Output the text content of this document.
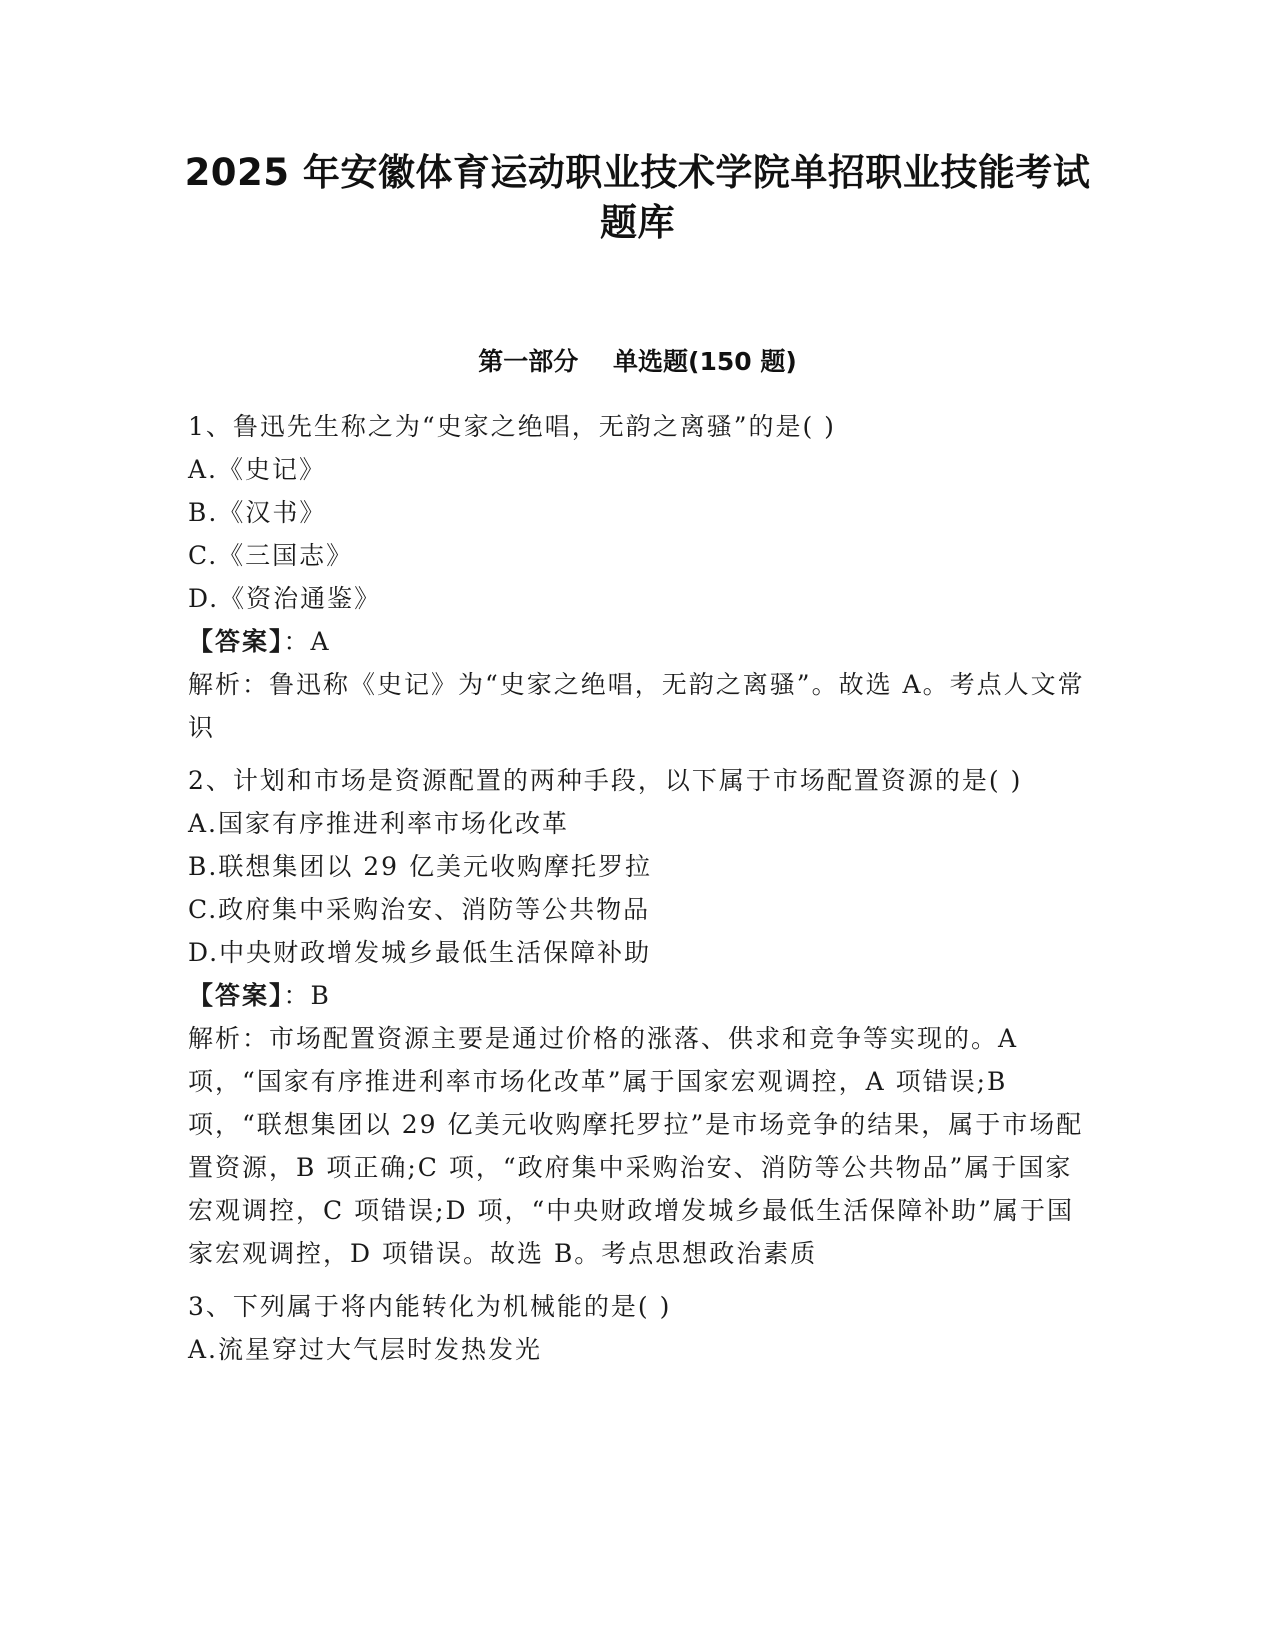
2025 年安徽体育运动职业技术学院单招职业技能考试
题库
第一部分    单选题(150 题)
1、鲁迅先生称之为“史家之绝唱，无韵之离骚”的是( )
A.《史记》
B.《汉书》
C.《三国志》
D.《资治通鉴》
【答案】：A
解析：鲁迅称《史记》为“史家之绝唱，无韵之离骚”。故选 A。考点人文常识
2、计划和市场是资源配置的两种手段，以下属于市场配置资源的是( )
A.国家有序推进利率市场化改革
B.联想集团以 29 亿美元收购摩托罗拉
C.政府集中采购治安、消防等公共物品
D.中央财政增发城乡最低生活保障补助
【答案】：B
解析：市场配置资源主要是通过价格的涨落、供求和竞争等实现的。A 项，“国家有序推进利率市场化改革”属于国家宏观调控，A 项错误;B 项，“联想集团以 29 亿美元收购摩托罗拉”是市场竞争的结果，属于市场配置资源，B 项正确;C 项，“政府集中采购治安、消防等公共物品”属于国家宏观调控，C 项错误;D 项，“中央财政增发城乡最低生活保障补助”属于国家宏观调控，D 项错误。故选 B。考点思想政治素质
3、下列属于将内能转化为机械能的是( )
A.流星穿过大气层时发热发光
